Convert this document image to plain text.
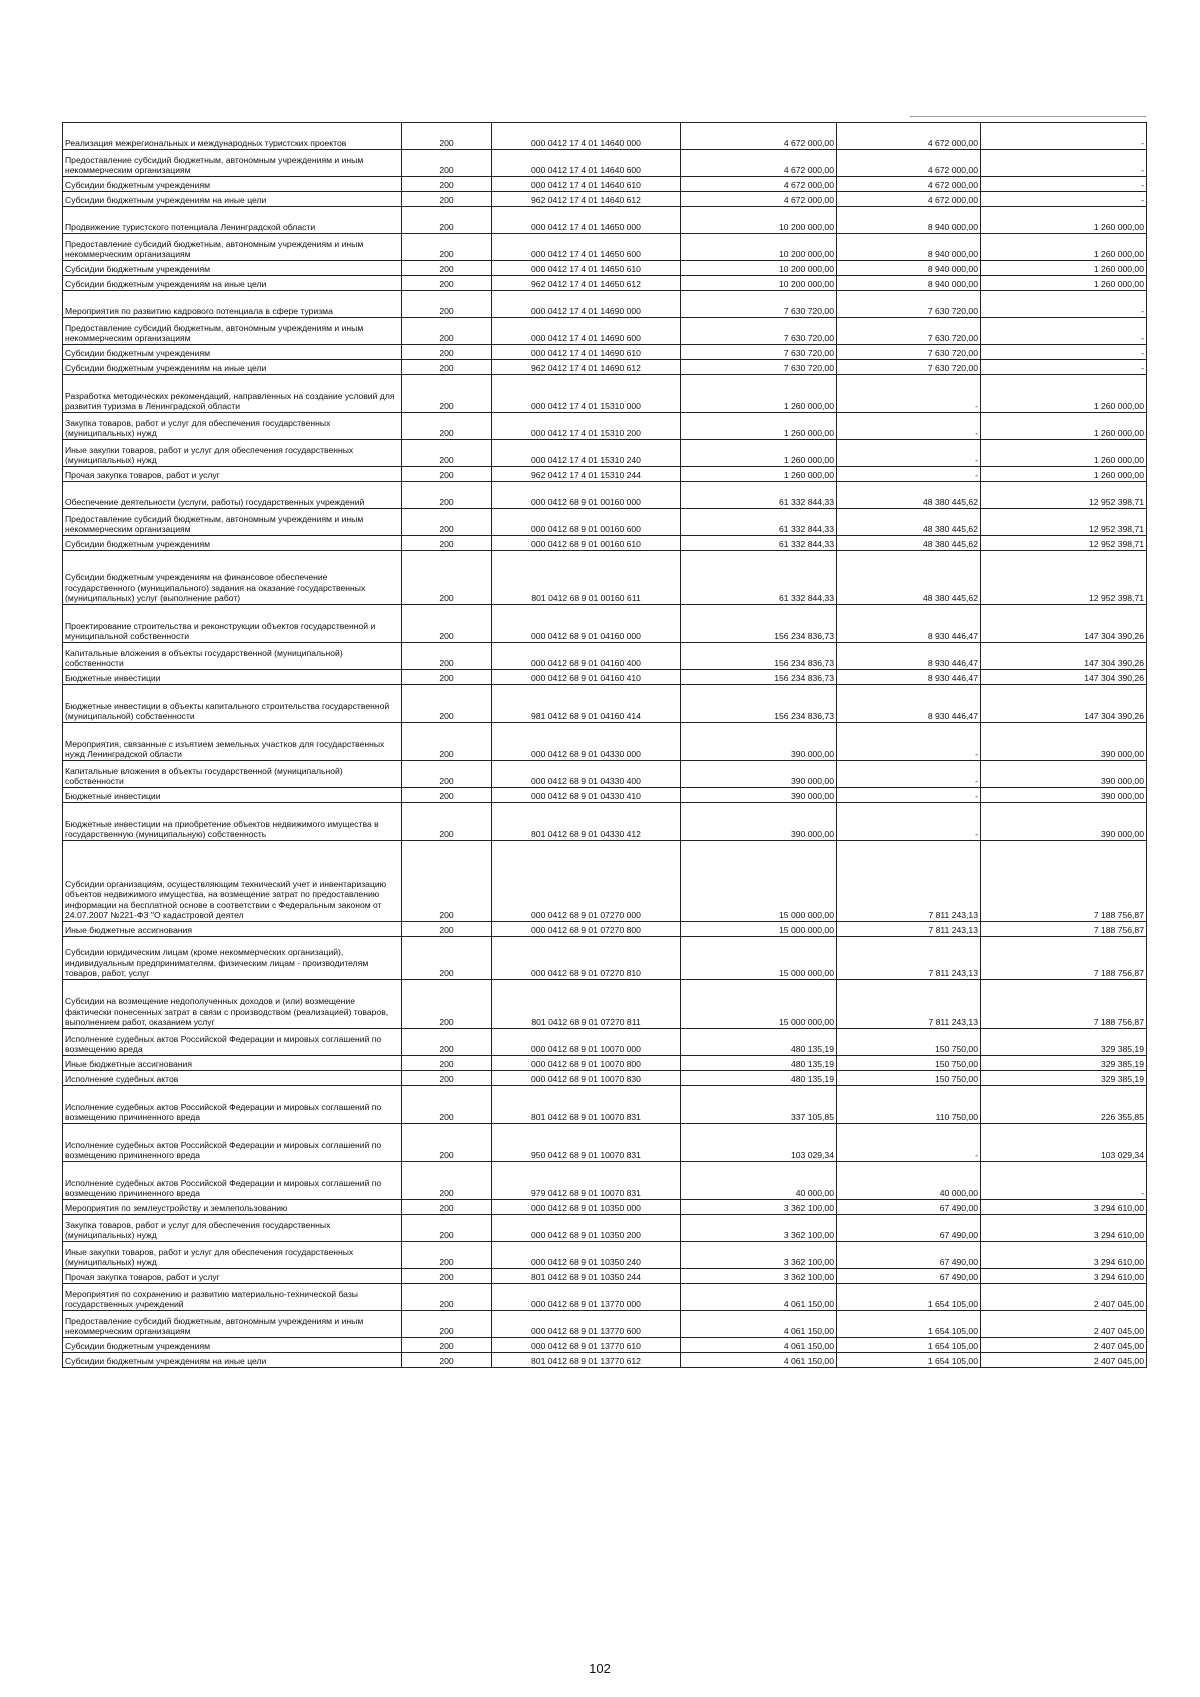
Реализация межрегиональных и международных туристских проектов	200	000 0412 17 4 01 14640 000	4 672 000,00	4 672 000,00	-
Предоставление субсидий бюджетным, автономным учреждениям и иным некоммерческим организациям	200	000 0412 17 4 01 14640 600	4 672 000,00	4 672 000,00	-
Субсидии бюджетным учреждениям	200	000 0412 17 4 01 14640 610	4 672 000,00	4 672 000,00	-
Субсидии бюджетным учреждениям на иные цели	200	962 0412 17 4 01 14640 612	4 672 000,00	4 672 000,00	-
Продвижение туристского потенциала Ленинградской области	200	000 0412 17 4 01 14650 000	10 200 000,00	8 940 000,00	1 260 000,00
Предоставление субсидий бюджетным, автономным учреждениям и иным некоммерческим организациям	200	000 0412 17 4 01 14650 600	10 200 000,00	8 940 000,00	1 260 000,00
Субсидии бюджетным учреждениям	200	000 0412 17 4 01 14650 610	10 200 000,00	8 940 000,00	1 260 000,00
Субсидии бюджетным учреждениям на иные цели	200	962 0412 17 4 01 14650 612	10 200 000,00	8 940 000,00	1 260 000,00
Мероприятия по развитию кадрового потенциала в сфере туризма	200	000 0412 17 4 01 14690 000	7 630 720,00	7 630 720,00	-
Предоставление субсидий бюджетным, автономным учреждениям и иным некоммерческим организациям	200	000 0412 17 4 01 14690 600	7 630 720,00	7 630 720,00	-
Субсидии бюджетным учреждениям	200	000 0412 17 4 01 14690 610	7 630 720,00	7 630 720,00	-
Субсидии бюджетным учреждениям на иные цели	200	962 0412 17 4 01 14690 612	7 630 720,00	7 630 720,00	-
Разработка методических рекомендаций, направленных на создание условий для развития туризма в Ленинградской области	200	000 0412 17 4 01 15310 000	1 260 000,00	-	1 260 000,00
Закупка товаров, работ и услуг для обеспечения государственных (муниципальных) нужд	200	000 0412 17 4 01 15310 200	1 260 000,00	-	1 260 000,00
Иные закупки товаров, работ и услуг для обеспечения государственных (муниципальных) нужд	200	000 0412 17 4 01 15310 240	1 260 000,00	-	1 260 000,00
Прочая закупка товаров, работ и услуг	200	962 0412 17 4 01 15310 244	1 260 000,00	-	1 260 000,00
Обеспечение деятельности (услуги, работы) государственных учреждений	200	000 0412 68 9 01 00160 000	61 332 844,33	48 380 445,62	12 952 398,71
Предоставление субсидий бюджетным, автономным учреждениям и иным некоммерческим организациям	200	000 0412 68 9 01 00160 600	61 332 844,33	48 380 445,62	12 952 398,71
Субсидии бюджетным учреждениям	200	000 0412 68 9 01 00160 610	61 332 844,33	48 380 445,62	12 952 398,71
Субсидии бюджетным учреждениям на финансовое обеспечение государственного (муниципального) задания на оказание государственных (муниципальных) услуг (выполнение работ)	200	801 0412 68 9 01 00160 611	61 332 844,33	48 380 445,62	12 952 398,71
Проектирование строительства и реконструкции объектов государственной и муниципальной собственности	200	000 0412 68 9 01 04160 000	156 234 836,73	8 930 446,47	147 304 390,26
Капитальные вложения в объекты государственной (муниципальной) собственности	200	000 0412 68 9 01 04160 400	156 234 836,73	8 930 446,47	147 304 390,26
Бюджетные инвестиции	200	000 0412 68 9 01 04160 410	156 234 836,73	8 930 446,47	147 304 390,26
Бюджетные инвестиции в объекты капитального строительства государственной (муниципальной) собственности	200	981 0412 68 9 01 04160 414	156 234 836,73	8 930 446,47	147 304 390,26
Мероприятия, связанные с изъятием земельных участков для государственных нужд Ленинградской области	200	000 0412 68 9 01 04330 000	390 000,00	-	390 000,00
Капитальные вложения в объекты государственной (муниципальной) собственности	200	000 0412 68 9 01 04330 400	390 000,00	-	390 000,00
Бюджетные инвестиции	200	000 0412 68 9 01 04330 410	390 000,00	-	390 000,00
Бюджетные инвестиции на приобретение объектов недвижимого имущества в государственную (муниципальную) собственность	200	801 0412 68 9 01 04330 412	390 000,00	-	390 000,00
Субсидии организациям, осуществляющим технический учет и инвентаризацию объектов недвижимого имущества, на возмещение затрат по предоставлению информации на бесплатной основе в соответствии с Федеральным законом от 24.07.2007 №221-ФЗ "О кадастровой деятел	200	000 0412 68 9 01 07270 000	15 000 000,00	7 811 243,13	7 188 756,87
Иные бюджетные ассигнования	200	000 0412 68 9 01 07270 800	15 000 000,00	7 811 243,13	7 188 756,87
Субсидии юридическим лицам (кроме некоммерческих организаций), индивидуальным предпринимателям, физическим лицам - производителям товаров, работ, услуг	200	000 0412 68 9 01 07270 810	15 000 000,00	7 811 243,13	7 188 756,87
Субсидии на возмещение недополученных доходов и (или) возмещение фактически понесенных затрат в связи с производством (реализацией) товаров, выполнением работ, оказанием услуг	200	801 0412 68 9 01 07270 811	15 000 000,00	7 811 243,13	7 188 756,87
Исполнение судебных актов Российской Федерации и мировых соглашений по возмещению вреда	200	000 0412 68 9 01 10070 000	480 135,19	150 750,00	329 385,19
Иные бюджетные ассигнования	200	000 0412 68 9 01 10070 800	480 135,19	150 750,00	329 385,19
Исполнение судебных актов	200	000 0412 68 9 01 10070 830	480 135,19	150 750,00	329 385,19
Исполнение судебных актов Российской Федерации и мировых соглашений по возмещению причиненного вреда	200	801 0412 68 9 01 10070 831	337 105,85	110 750,00	226 355,85
Исполнение судебных актов Российской Федерации и мировых соглашений по возмещению причиненного вреда	200	950 0412 68 9 01 10070 831	103 029,34	-	103 029,34
Исполнение судебных актов Российской Федерации и мировых соглашений по возмещению причиненного вреда	200	979 0412 68 9 01 10070 831	40 000,00	40 000,00	-
Мероприятия по землеустройству и землепользованию	200	000 0412 68 9 01 10350 000	3 362 100,00	67 490,00	3 294 610,00
Закупка товаров, работ и услуг для обеспечения государственных (муниципальных) нужд	200	000 0412 68 9 01 10350 200	3 362 100,00	67 490,00	3 294 610,00
Иные закупки товаров, работ и услуг для обеспечения государственных (муниципальных) нужд	200	000 0412 68 9 01 10350 240	3 362 100,00	67 490,00	3 294 610,00
Прочая закупка товаров, работ и услуг	200	801 0412 68 9 01 10350 244	3 362 100,00	67 490,00	3 294 610,00
Мероприятия по сохранению и развитию материально-технической базы государственных учреждений	200	000 0412 68 9 01 13770 000	4 061 150,00	1 654 105,00	2 407 045,00
Предоставление субсидий бюджетным, автономным учреждениям и иным некоммерческим организациям	200	000 0412 68 9 01 13770 600	4 061 150,00	1 654 105,00	2 407 045,00
Субсидии бюджетным учреждениям	200	000 0412 68 9 01 13770 610	4 061 150,00	1 654 105,00	2 407 045,00
Субсидии бюджетным учреждениям на иные цели	200	801 0412 68 9 01 13770 612	4 061 150,00	1 654 105,00	2 407 045,00
102
